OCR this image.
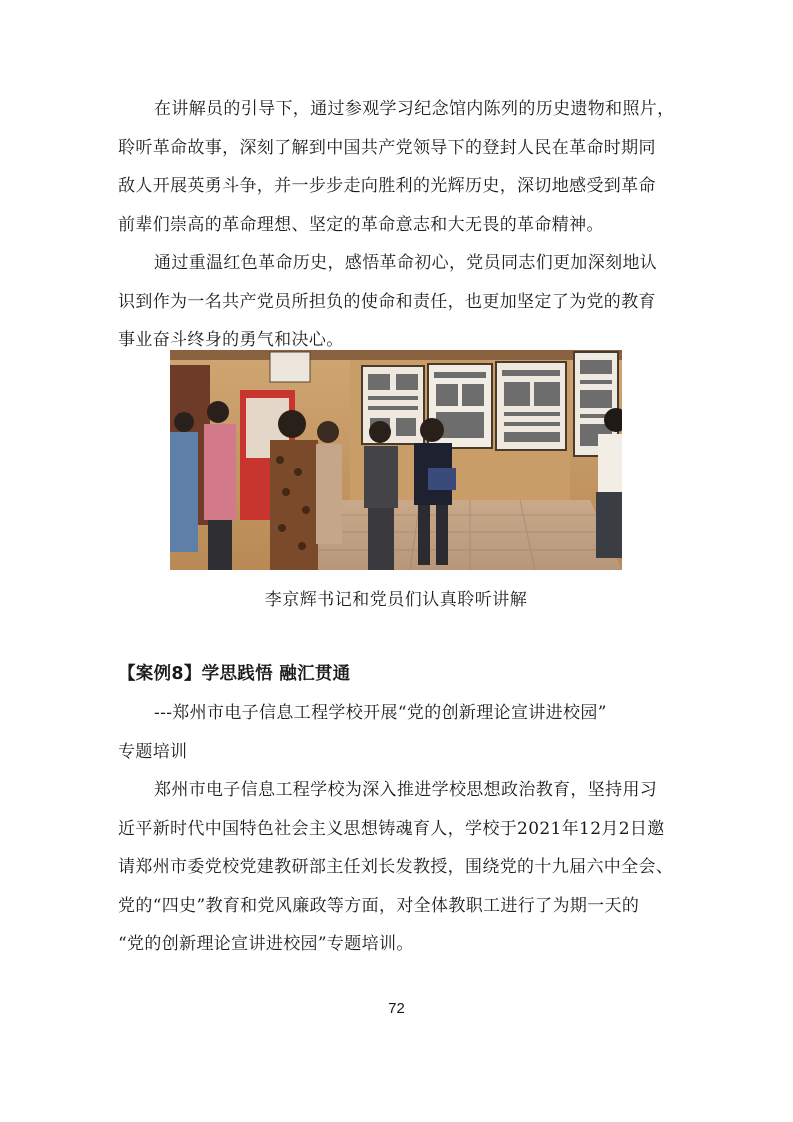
在讲解员的引导下，通过参观学习纪念馆内陈列的历史遗物和照片，
聆听革命故事，深刻了解到中国共产党领导下的登封人民在革命时期同
敌人开展英勇斗争，并一步步走向胜利的光辉历史，深切地感受到革命
前辈们崇高的革命理想、坚定的革命意志和大无畏的革命精神。
通过重温红色革命历史，感悟革命初心，党员同志们更加深刻地认
识到作为一名共产党员所担负的使命和责任，也更加坚定了为党的教育
事业奋斗终身的勇气和决心。

李京辉书记和党员们认真聆听讲解

【案例8】学思践悟 融汇贯通

---郑州市电子信息工程学校开展“党的创新理论宣讲进校园”
专题培训
郑州市电子信息工程学校为深入推进学校思想政治教育，坚持用习
近平新时代中国特色社会主义思想铸魂育人，学校于2021年12月2日邀
请郑州市委党校党建教研部主任刘长发教授，围绕党的十九届六中全会、
党的“四史”教育和党风廉政等方面，对全体教职工进行了为期一天的
“党的创新理论宣讲进校园”专题培训。

72
